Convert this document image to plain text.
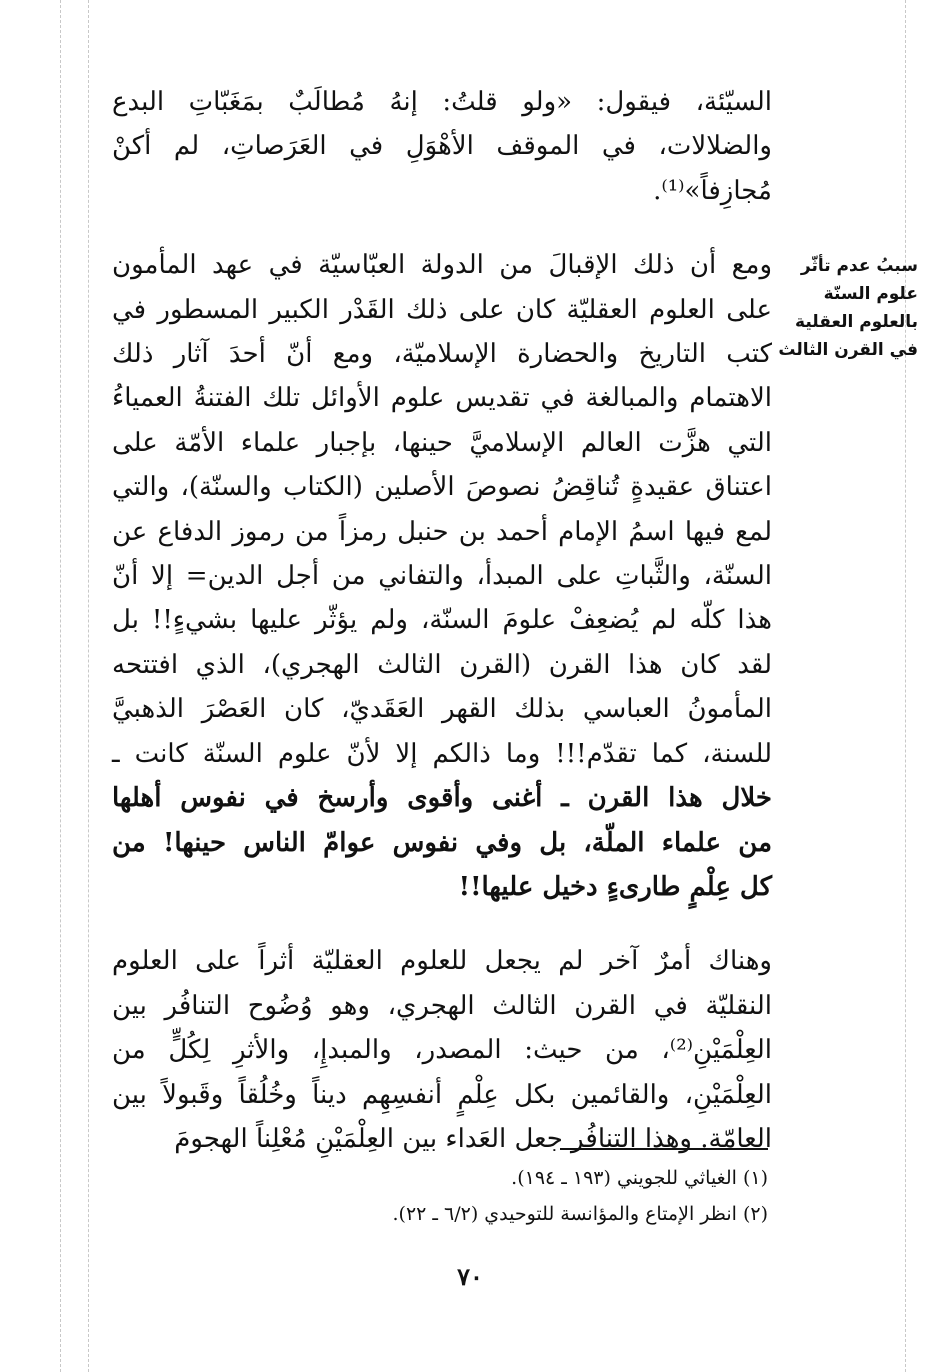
السيّئة، فيقول: «ولو قلتُ: إنهُ مُطالَبٌ بمَغَبّاتِ البدع
والضلالات، في الموقف الأهْوَلِ في العَرَصاتِ، لم أكنْ
مُجازِفاً»⁽¹⁾.

ومع أن ذلك الإقبالَ من الدولة العبّاسيّة في عهد المأمون
على العلوم العقليّة كان على ذلك القَدْر الكبير المسطور في
كتب التاريخ والحضارة الإسلاميّة، ومع أنّ أحدَ آثار ذلك
الاهتمام والمبالغة في تقديس علوم الأوائل تلك الفتنةُ العمياءُ
التي هزَّت العالم الإسلاميَّ حينها، بإجبار علماء الأمّة على
اعتناق عقيدةٍ تُناقِضُ نصوصَ الأصلين (الكتاب والسنّة)، والتي
لمع فيها اسمُ الإمام أحمد بن حنبل رمزاً من رموز الدفاع عن
السنّة، والثَّباتِ على المبدأ، والتفاني من أجل الدين= إلا أنّ
هذا كلّه لم يُضعِفْ علومَ السنّة، ولم يؤثّر عليها بشيءٍ!! بل
لقد كان هذا القرن (القرن الثالث الهجري)، الذي افتتحه
المأمونُ العباسي بذلك القهر العَقَديّ، كان العَصْرَ الذهبيَّ
للسنة، كما تقدّم!!! وما ذالكم إلا لأنّ علوم السنّة كانت ـ
خلال هذا القرن ـ أغنى وأقوى وأرسخ في نفوس أهلها
من علماء الملّة، بل وفي نفوس عوامّ الناس حينها! من
كل عِلْمٍ طارىءٍ دخيل عليها!!

وهناك أمرٌ آخر لم يجعل للعلوم العقليّة أثراً على العلوم
النقليّة في القرن الثالث الهجري، وهو وُضُوح التنافُر بين
العِلْمَيْنِ⁽²⁾، من حيث: المصدر، والمبدإِ، والأثرِ لِكُلٍّ من
العِلْمَيْنِ، والقائمين بكل عِلْمٍ أنفسِهِم ديناً وخُلُقاً وقَبولاً بين
العامّة. وهذا التنافُر جعل العَداء بين العِلْمَيْنِ مُعْلِناً الهجومَ

سببُ عدم تأثّر
علوم السنّة
بالعلوم العقلية
في القرن الثالث
(١) الغياثي للجويني (١٩٣ ـ ١٩٤).
(٢) انظر الإمتاع والمؤانسة للتوحيدي (٦/٢ ـ ٢٢).
٧٠
